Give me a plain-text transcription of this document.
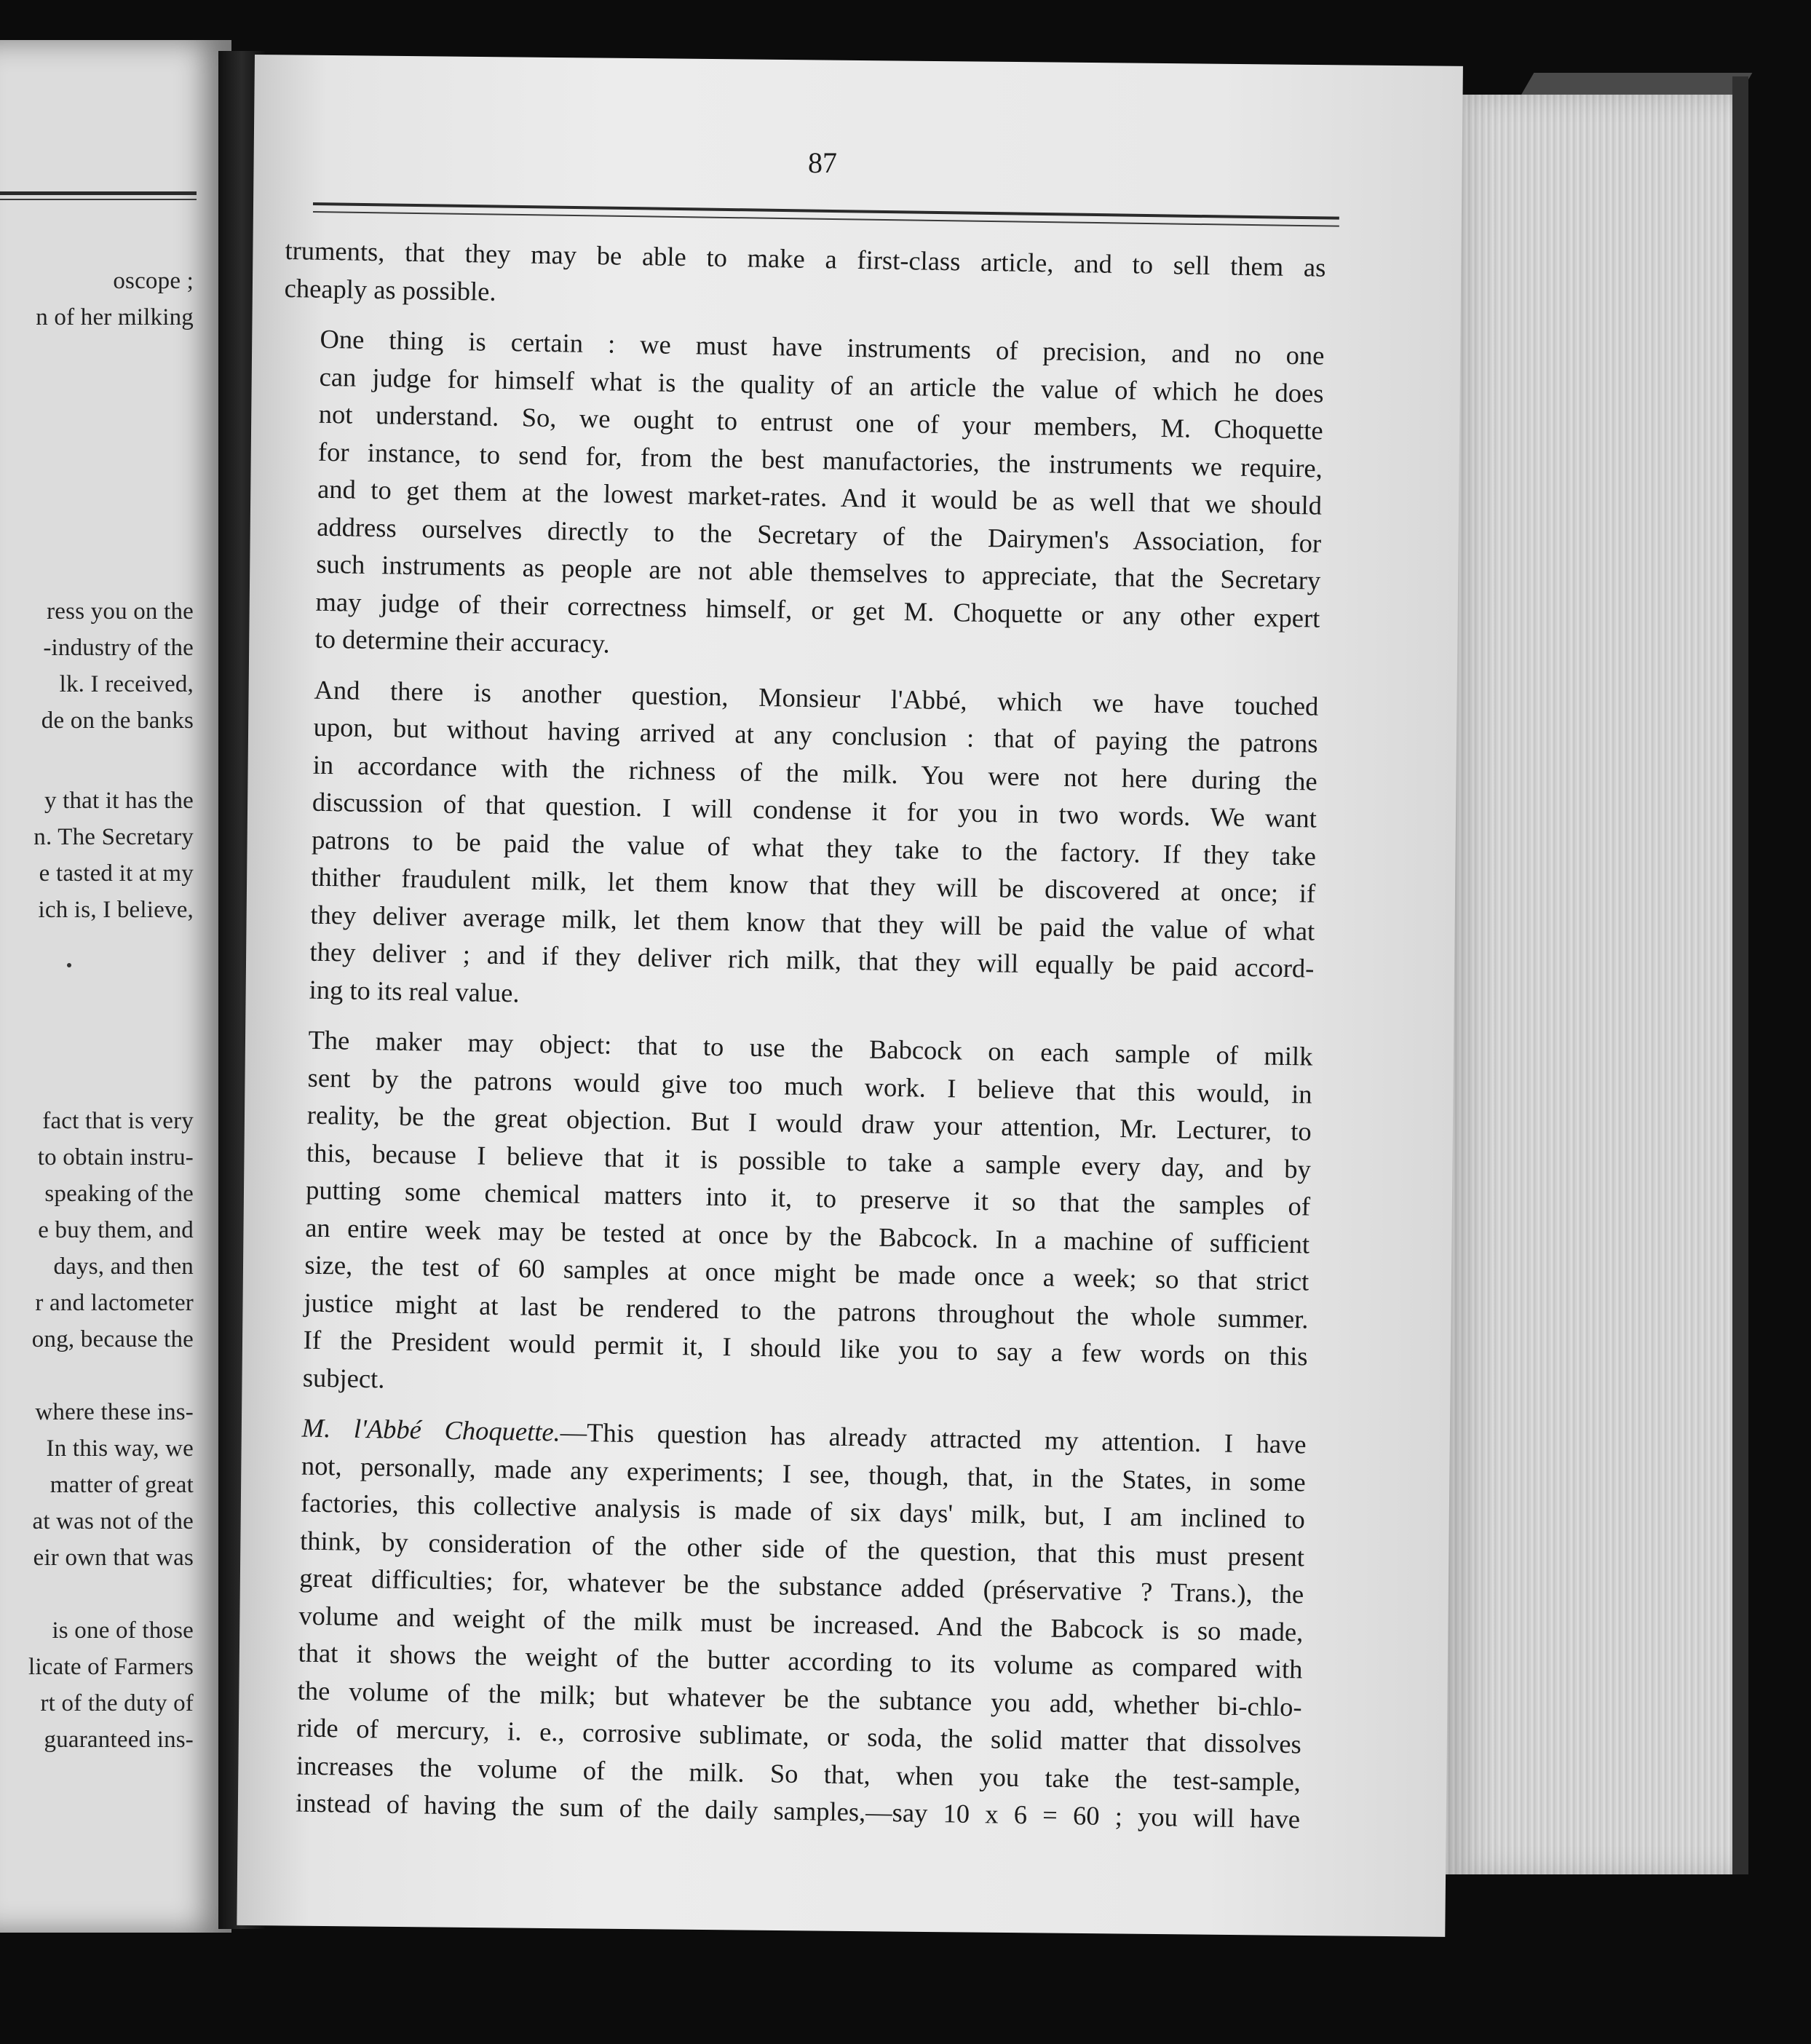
oscope ;
n of her milking
ress you on the
-industry of the
lk. I received,
de on the banks
y that it has the
n. The Secretary
e tasted it at my
ich is, I believe,
fact that is very
to obtain instru-
speaking of the
e buy them, and
days, and then
r and lactometer
ong, because the
where these ins-
In this way, we
matter of great
at was not of the
eir own that was
is one of those
licate of Farmers
rt of the duty of
guaranteed ins-
87

truments, that they may be able to make a first-class article, and to sell them as
cheaply as possible.

One thing is certain : we must have instruments of precision, and no one
can judge for himself what is the quality of an article the value of which he does
not understand. So, we ought to entrust one of your members, M. Choquette
for instance, to send for, from the best manufactories, the instruments we require,
and to get them at the lowest market-rates. And it would be as well that we should
address ourselves directly to the Secretary of the Dairymen's Association, for
such instruments as people are not able themselves to appreciate, that the Secretary
may judge of their correctness himself, or get M. Choquette or any other expert
to determine their accuracy.

And there is another question, Monsieur l'Abbé, which we have touched
upon, but without having arrived at any conclusion : that of paying the patrons
in accordance with the richness of the milk. You were not here during the
discussion of that question. I will condense it for you in two words. We want
patrons to be paid the value of what they take to the factory. If they take
thither fraudulent milk, let them know that they will be discovered at once; if
they deliver average milk, let them know that they will be paid the value of what
they deliver ; and if they deliver rich milk, that they will equally be paid accord-
ing to its real value.

The maker may object: that to use the Babcock on each sample of milk
sent by the patrons would give too much work. I believe that this would, in
reality, be the great objection. But I would draw your attention, Mr. Lecturer, to
this, because I believe that it is possible to take a sample every day, and by
putting some chemical matters into it, to preserve it so that the samples of
an entire week may be tested at once by the Babcock. In a machine of sufficient
size, the test of 60 samples at once might be made once a week; so that strict
justice might at last be rendered to the patrons throughout the whole summer.
If the President would permit it, I should like you to say a few words on this
subject.

M. l'Abbé Choquette.—This question has already attracted my attention. I have
not, personally, made any experiments; I see, though, that, in the States, in some
factories, this collective analysis is made of six days' milk, but, I am inclined to
think, by consideration of the other side of the question, that this must present
great difficulties; for, whatever be the substance added (préservative ? Trans.), the
volume and weight of the milk must be increased. And the Babcock is so made,
that it shows the weight of the butter according to its volume as compared with
the volume of the milk; but whatever be the subtance you add, whether bi-chlo-
ride of mercury, i. e., corrosive sublimate, or soda, the solid matter that dissolves
increases the volume of the milk. So that, when you take the test-sample,
instead of having the sum of the daily samples,—say 10 x 6 = 60 ; you will have
